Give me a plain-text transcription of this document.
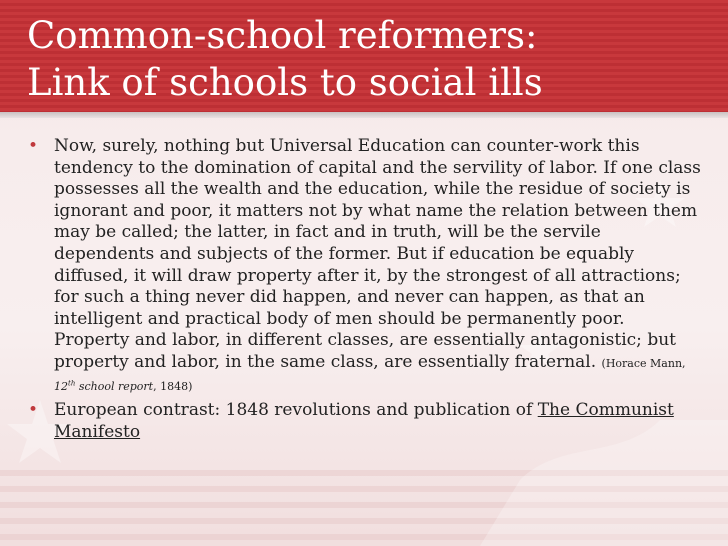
Common-school reformers:
Link of schools to social ills
• Now, surely, nothing but Universal Education can counter-work this tendency to the domination of capital and the servility of labor. If one class possesses all the wealth and the education, while the residue of society is ignorant and poor, it matters not by what name the relation between them may be called; the latter, in fact and in truth, will be the servile dependents and subjects of the former. But if education be equably diffused, it will draw property after it, by the strongest of all attractions; for such a thing never did happen, and never can happen, as that an intelligent and practical body of men should be permanently poor. Property and labor, in different classes, are essentially antagonistic; but property and labor, in the same class, are essentially fraternal. (Horace Mann, 12th school report, 1848)
• European contrast: 1848 revolutions and publication of The Communist Manifesto
